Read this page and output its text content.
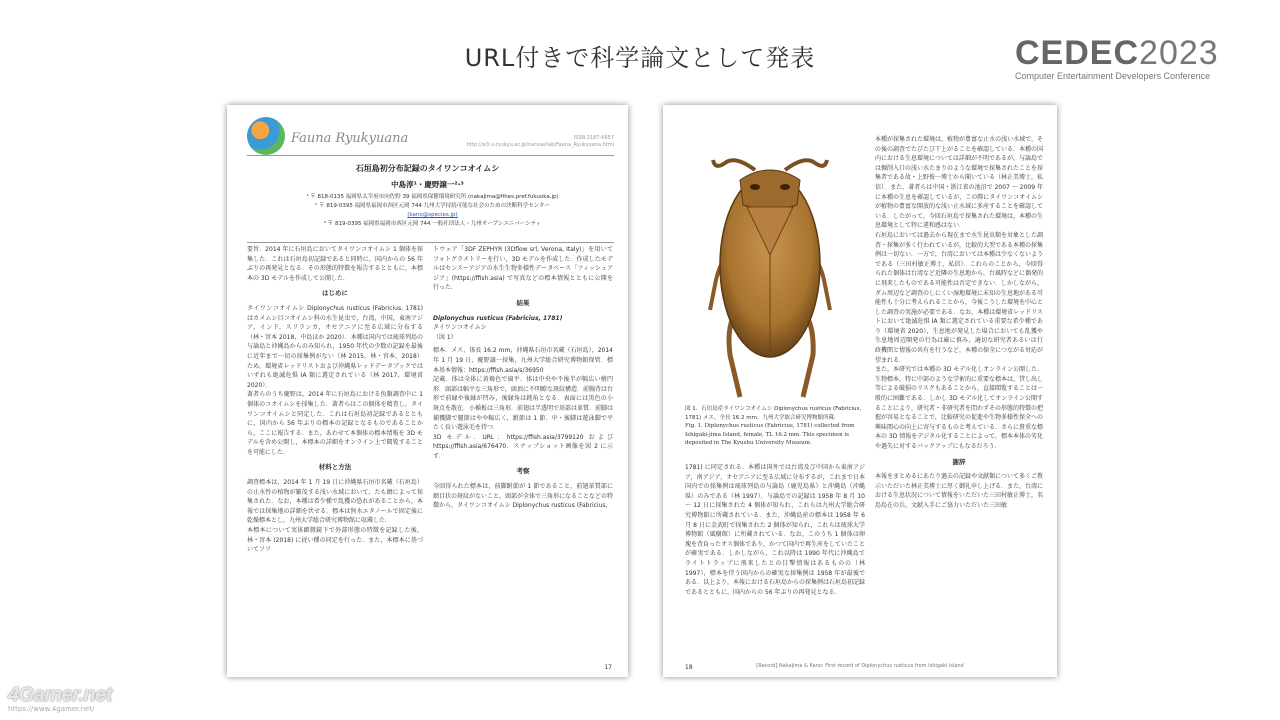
URL付きで科学論文として発表	CEDEC2023
Computer Entertainment Developers Conference
Fauna Ryukyuana	ISSN 2187-6657
http://w3.u-ryukyu.ac.jp/naruse/lab/Fauna_Ryukyuana.html
石垣島初分布記録のタイワンコオイムシ
中島淳¹・慶野譲一²·³
¹ 〒 818-0135 福岡県太宰府市向佐野 39 福岡県保健環境研究所 (nakajima@fihes.pref.fukuoka.jp)
² 〒 819-0395 福岡県福岡市西区元岡 744 九州大学持続可能な社会のための決断科学センター
(kano@species.jp)
³ 〒 819-0395 福岡県福岡市西区元岡 744 一般社団法人・九州オープンユニバーシティ

要旨．2014 年に石垣島においてタイワンコオイムシ 1 個体を採集した．これは石垣島初記録であると同時に，国内からの 56 年ぶりの再発見となる．その形態的特徴を報告するとともに，本標本の 3D モデルを作成して公開した．

はじめに

タイワンコオイムシ Diplonychus rusticus (Fabricius, 1781) はカメムシ目コオイムシ科の水生昆虫で，台湾，中国，東南アジア，インド，スリランカ，オセアニアに至る広域に分布する（林・宮本 2018，中島ほか 2020）．本種は国内では琉球列島の与論島と沖縄島からのみ知られ，1950 年代の少数の記録を最後に近年まで一切の採集例がない（林 2015，林・宮本，2018）ため，環境省レッドリストおよび沖縄県レッドデータブックではいずれも絶滅危惧 IA 類に選定されている（林 2017，環境省 2020）．

著者らのうち慶野は，2014 年に石垣島における魚類調査中に 1 個体のコオイムシを採集した．著者らはこの個体を精査し，タイワンコオイムシと同定した．これは石垣島初記録であるとともに，国内から 56 年ぶりの標本の記録となるものであることから，ここに報告する．また，あわせて本個体の標本情報を 3D モデルを含め公開し，本標本の詳細をオンライン上で閲覧することを可能にした．

材料と方法

調査標本は，2014 年 1 月 19 日に沖縄県石垣市名蔵（石垣島）の止水性の植物が繁茂する浅い水域において，たも網によって採集された．なお，本種は希少種で乱獲の恐れがあることから，本報では採集地の詳細を伏せる．標本は無水エタノールで固定後に乾燥標本とし，九州大学総合研究博物館に収蔵した．

本標本について実体顕微鏡下で外部形態の特徴を記録した後，林・宮本 (2018) に従い種の同定を行った．また，本標本に基づいてソフ

トウェア「3DF ZEPHYR (3Dflow srl, Verona, Italy)」を用いてフォトグラメトリーを行い，3D モデルを作成した．作成したモデルはセンスーアジアの水生生物多様性データベース「フィッシュアジア」(https://ffish.asia) で写真などの標本情報とともに公開を行った．

結果

Diplonychus rusticus (Fabricius, 1781)

タイワンコオイムシ

（図 1）

標本．メス，体長 16.2 mm，沖縄県石垣市名蔵（石垣島），2014 年 1 月 19 日，慶野譲一採集，九州大学総合研究博物館保管．標本基本情報：https://ffish.asia/s/36950

記載．体は全体に黄褐色で扁平．体は中央や不後半が幅広い楕円形．頭部は幅平な三角形で，頭頂に不明瞭な斑紋構造．前胸背は台形で前縁や後縁が凹み，後縁角は鈍角となる．表面には黒色の小斑点を散在．小楯板は三角形．前翅は半透明で基部は革質．前脚は捕獲脚で腿節はやや幅広く，跗節は 1 節．中・後脚は遊泳脚で平たく長い遊泳毛を持つ．

3D モデル．URL：https://ffish.asia/3799120 および https://ffish.asia/676470．スナップショット画像を図 2 に示す．

考察

今回得られた標本は，前脚跗節が 1 節であること，前翅革質部に網目状の斑紋がないこと，頭部が全体で三角形になることなどの特徴から，タイワンコオイムシ Diplonychus rusticus (Fabricius,

17
図 1．石垣島産タイワンコオイムシ Diplonychus rusticus (Fabricius, 1781) メス，全長 16.2 mm．九州大学総合研究博物館所蔵．
Fig. 1. Diplonychus rusticus (Fabricius, 1781) collected from Ishigaki-jima Island, female, TL 16.2 mm. This specimen is deposited in The Kyushu University Museum.

1781) に同定される．本種は国外では台湾及び中国から東南アジア，南アジア，オセアニアに至る広域に分布するが，これまで日本国内での採集例は琉球列島の与論島（鹿児島県）と沖縄島（沖縄県）のみである（林 1997）．与論島での記録は 1958 年 8 月 10 〜 12 日に採集された 4 個体が知られ，これらは九州大学総合研究博物館に所蔵されている．また，沖縄島産の標本は 1958 年 6 月 8 日に金武町で採集された 2 個体が知られ，これらは琉球大学博物館（風樹館）に所蔵されている．なお，このうち 1 個体は卵塊を背負ったオス個体であり，かつて国内で再生産をしていたことが確実である．しかしながら，これ以降は 1990 年代に沖縄島でライトトラップに飛来したとの目撃情報はあるものの（林 1997），標本を伴う国内からの確実な採集例は 1958 年が最後である．以上より，本報における石垣島からの採集例は石垣島初記録であるとともに，国内からの 56 年ぶりの再発見となる．

本種が採集された環境は，植物が豊富な止水の浅い水域で，その後の調査でたびたび干上がることを確認している．本種の国内における生息環境については詳細が不明であるが，与論島では掘削入口の浅い水たまりのような環境で採集されたことを採集者である故・上野俊一博士から聞いている（林正美博士，私信）．また，著者らは中国・浙江省の池沼で 2007 〜 2009 年に本種の生息を確認しているが，この際にタイワンコオイムシが植物の豊富な開放的な浅い止水域に多産することを確認している．したがって，今回石垣島で採集された環境は，本種の生息環境として特に違和感はない．

石垣島においては過去から現在まで水生昆虫類を対象とした調査・採集が多く行われているが，比較的大型である本種の採集例は一切ない．一方で，台湾においては本種は少なくないようである（三田村敏正博士，私信）．これらのことから，今回得られた個体は台湾など近隣の生息地から，台風時などに偶発的に飛来したものである可能性は否定できない．しかしながら，ダム周辺など調査のしにくい湿地環境に未知の生息地がある可能性も十分に考えられることから，今後こうした環境を中心とした調査の実施が必要である．なお，本種は環境省レッドリストにおいて絶滅危惧 IA 類に選定されている重要な希少種であり（環境省 2020），生息地が発見した場合においても乱獲や生息地周辺開発の行為は厳に慎み，適切な研究者あるいは行政機関と情報の共有を行うなど，本種の保全につながる対応が望まれる．

また，本研究では本種の 3D モデル化しオンライン公開した．生物標本，特に中部のような学術的に重要な標本は，貸し出し等による破損のリスクもあることから，直接閲覧することは一般的に困難である．しかし 3D モデル化してオンライン公開することにより，研究者・非研究者を問わずその形態的特徴の把握が容易となることで，比較研究の促進や生物多様性保全への興味関心の向上に寄与するものと考えている．さらに貴重な標本の 3D 情報をデジタル化することによって，標本本体の劣化や過失に対するバックアップにもなるだろう．

謝辞

本報をまとめるにあたり過去の記録や文献類について多くご教示いただいた林正美博士に厚く御礼申し上げる．また，台湾における生息状況について情報をいただいた三田村敏正博士，名島島在の兵，文献入手にご協力いただいた三田敏

18	[Record] Nakajima & Kano: First record of Diplonychus rusticus from Ishigaki Island
4Gamer.net
https://www.4gamer.net/
